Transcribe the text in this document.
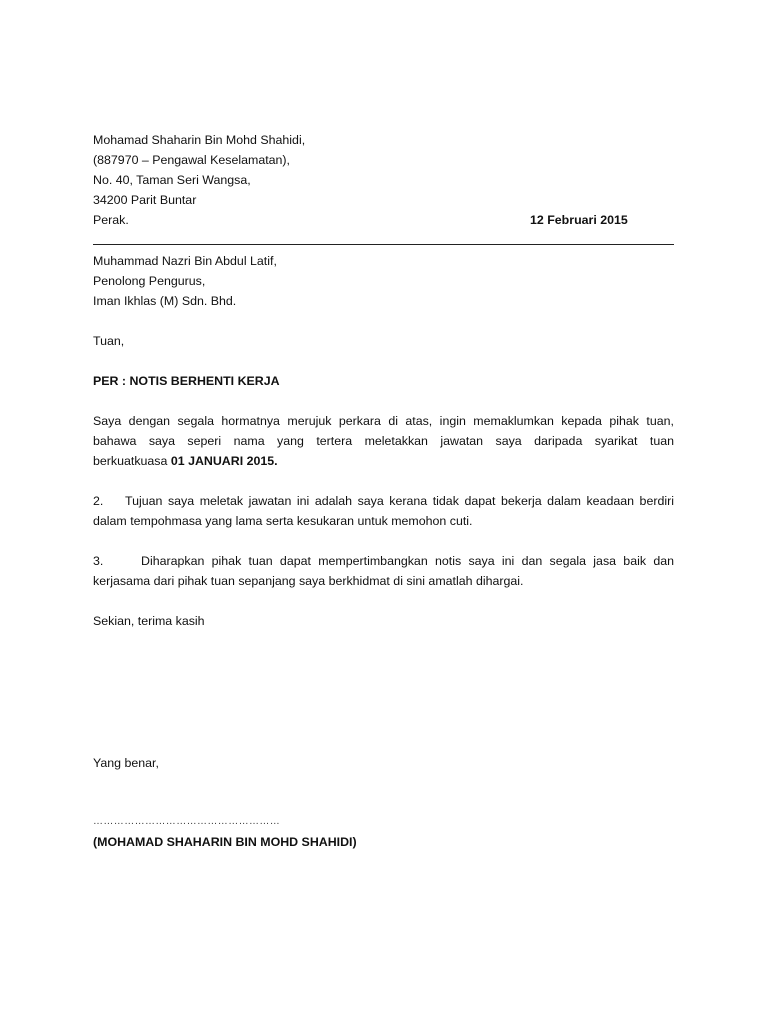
Mohamad Shaharin Bin Mohd Shahidi,
(887970 – Pengawal Keselamatan),
No. 40, Taman Seri Wangsa,
34200 Parit Buntar
Perak.	12 Februari 2015
Muhammad Nazri Bin Abdul Latif,
Penolong Pengurus,
Iman Ikhlas (M) Sdn. Bhd.
Tuan,
PER : NOTIS BERHENTI KERJA
Saya dengan segala hormatnya merujuk perkara di atas, ingin memaklumkan kepada pihak tuan,
bahawa saya seperi nama yang tertera meletakkan jawatan saya daripada syarikat tuan
berkuatkuasa 01 JANUARI 2015.
2. Tujuan saya meletak jawatan ini adalah saya kerana tidak dapat bekerja dalam keadaan berdiri
dalam tempohmasa yang lama serta kesukaran untuk memohon cuti.
3.	Diharapkan pihak tuan dapat mempertimbangkan notis saya ini dan segala jasa baik dan
kerjasama dari pihak tuan sepanjang saya berkhidmat di sini amatlah dihargai.
Sekian, terima kasih
Yang benar,
………………………………………………
(MOHAMAD SHAHARIN BIN MOHD SHAHIDI)
